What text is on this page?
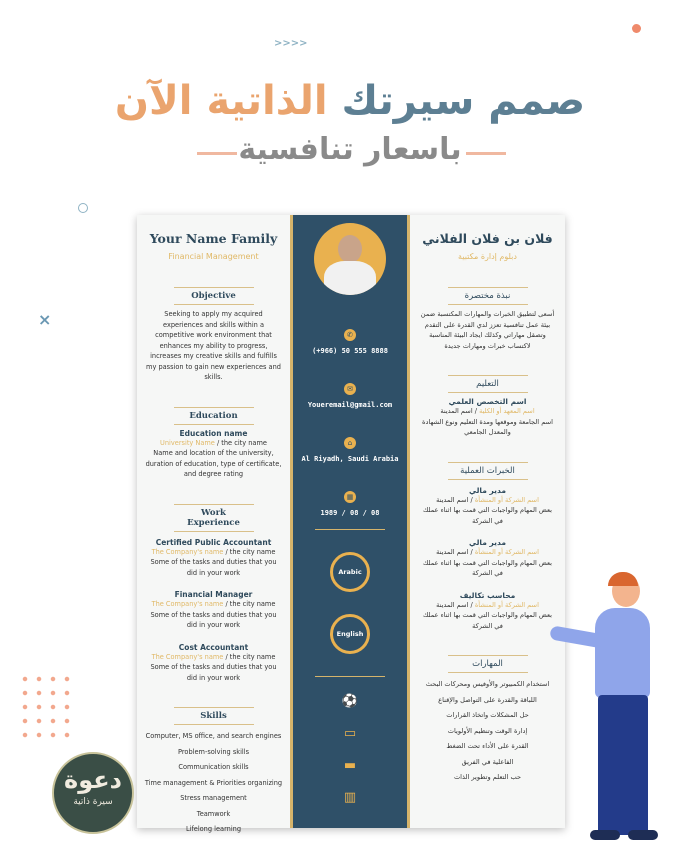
>>>>
×
صمم سيرتك الذاتية الآن
باسعار تنافسية
Your Name Family
Financial Management
Objective
Seeking to apply my acquired experiences and skills within a competitive work environment that enhances my ability to progress, increases my creative skills and fulfills my passion to gain new experiences and skills.
Education
Education name
University Name / the city name
Name and location of the university, duration of education, type of certificate, and degree rating
Work Experience
Certified Public Accountant
The Company's name / the city name
Some of the tasks and duties that you did in your work
Financial Manager
The Company's name / the city name
Some of the tasks and duties that you did in your work
Cost Accountant
The Company's name / the city name
Some of the tasks and duties that you did in your work
Skills
Computer, MS office, and search engines
Problem-solving skills
Communication skills
Time management & Priorities organizing
Stress management
Teamwork
Lifelong learning
✆
(+966) 50 555 8888
✉
Youeremail@gmail.com
⌂
Al Riyadh, Saudi Arabia
▦
1989 / 08 / 08
Arabic
English
⚽
▭
▬
▥
فلان بن فلان الفلاني
دبلوم إدارة مكتبية
نبذة مختصرة
أسعى لتطبيق الخبرات والمهارات المكتسبة ضمن بيئة عمل تنافسية تعزز لدي القدرة على التقدم وتصقل مهاراتي وكذلك ايجاد البيئة المناسبة لاكتساب خبرات ومهارات جديدة
التعليم
اسم التخصص العلمي
اسم المعهد أو الكلية / اسم المدينة
اسم الجامعة وموقعها ومدة التعليم ونوع الشهادة والمعدل الجامعي
الخبرات العملية
مدير مالي
اسم الشركة أو المنشأة / اسم المدينة
بعض المهام والواجبات التي قمت بها اثناء عملك في الشركة
مدير مالي
اسم الشركة أو المنشأة / اسم المدينة
بعض المهام والواجبات التي قمت بها اثناء عملك في الشركة
محاسب تكاليف
اسم الشركة أو المنشأة / اسم المدينة
بعض المهام والواجبات التي قمت بها اثناء عملك في الشركة
المهارات
استخدام الكمبيوتر والأوفيس ومحركات البحث
اللباقة والقدرة على التواصل والإقناع
حل المشكلات واتخاذ القرارات
إدارة الوقت وتنظيم الأولويات
القدرة على الأداء تحت الضغط
الفاعلية في الفريق
حب التعلم وتطوير الذات
دعوة
سيرة ذاتية
